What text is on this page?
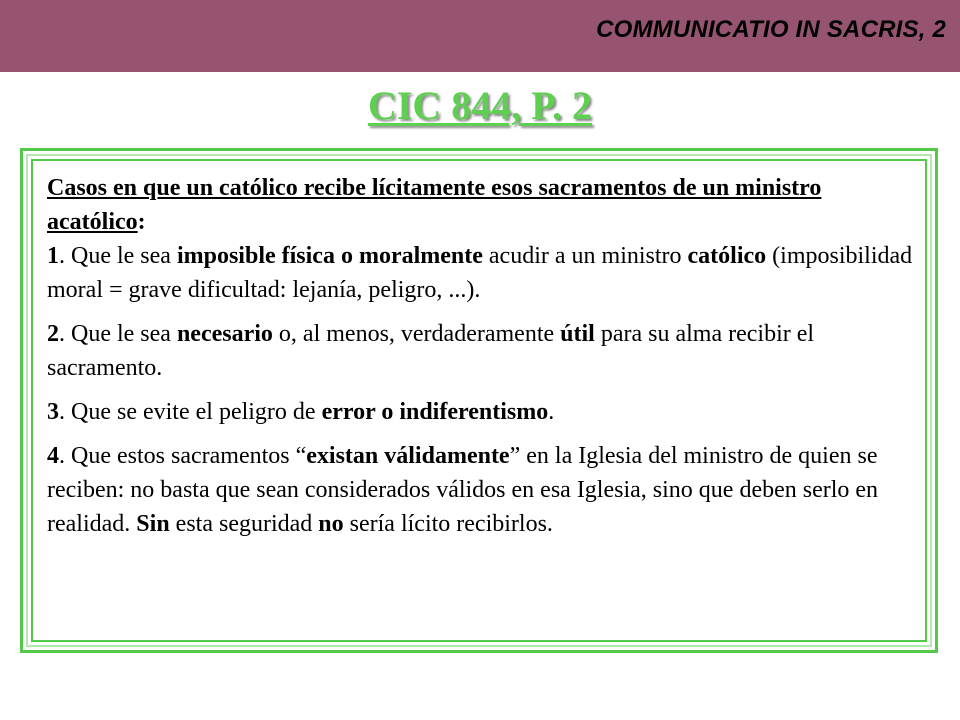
COMMUNICATIO IN SACRIS, 2
CIC 844, P. 2

Casos en que un católico recibe lícitamente esos sacramentos de un ministro acatólico:

1. Que le sea imposible física o moralmente acudir a un ministro católico (imposibilidad moral = grave dificultad: lejanía, peligro, ...).

2. Que le sea necesario o, al menos, verdaderamente útil para su alma recibir el sacramento.

3. Que se evite el peligro de error o indiferentismo.

4. Que estos sacramentos “existan válidamente” en la Iglesia del ministro de quien se reciben: no basta que sean considerados válidos en esa Iglesia, sino que deben serlo en realidad. Sin esta seguridad no sería lícito recibirlos.
